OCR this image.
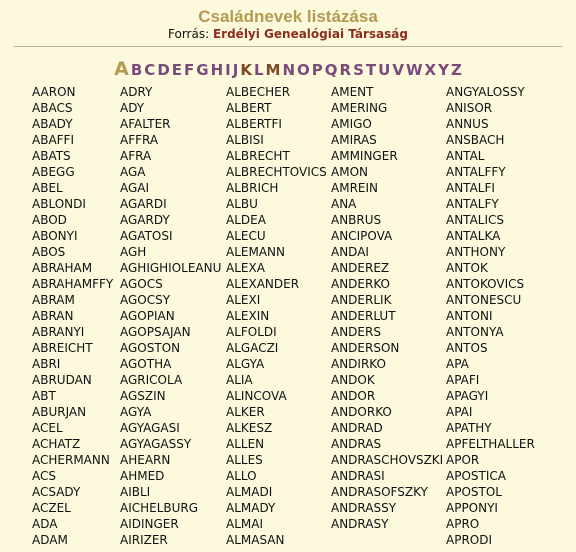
Családnevek listázása
Forrás: Erdélyi Genealógiai Társaság
A B C D E F G H I J K L M N O P Q R S T U V W X Y Z
AARON
ABACS
ABADY
ABAFFI
ABATS
ABEGG
ABEL
ABLONDI
ABOD
ABONYI
ABOS
ABRAHAM
ABRAHAMFFY
ABRAM
ABRAN
ABRANYI
ABREICHT
ABRI
ABRUDAN
ABT
ABURJAN
ACEL
ACHATZ
ACHERMANN
ACS
ACSADY
ACZEL
ADA
ADAM
ADRY
ADY
AFALTER
AFFRA
AFRA
AGA
AGAI
AGARDI
AGARDY
AGATOSI
AGH
AGHIGHIOLEANU
AGOCS
AGOCSY
AGOPIAN
AGOPSAJAN
AGOSTON
AGOTHA
AGRICOLA
AGSZIN
AGYA
AGYAGASI
AGYAGASSY
AHEARN
AHMED
AIBLI
AICHELBURG
AIDINGER
AIRIZER
ALBECHER
ALBERT
ALBERTFI
ALBISI
ALBRECHT
ALBRECHTOVICS
ALBRICH
ALBU
ALDEA
ALECU
ALEMANN
ALEXA
ALEXANDER
ALEXI
ALEXIN
ALFOLDI
ALGACZI
ALGYA
ALIA
ALINCOVA
ALKER
ALKESZ
ALLEN
ALLES
ALLO
ALMADI
ALMADY
ALMAI
ALMASAN
AMENT
AMERING
AMIGO
AMIRAS
AMMINGER
AMON
AMREIN
ANA
ANBRUS
ANCIPOVA
ANDAI
ANDEREZ
ANDERKO
ANDERLIK
ANDERLUT
ANDERS
ANDERSON
ANDIRKO
ANDOK
ANDOR
ANDORKO
ANDRAD
ANDRAS
ANDRASCHOVSZKI
ANDRASI
ANDRASOFSZKY
ANDRASSY
ANDRASY
ANGYALOSSY
ANISOR
ANNUS
ANSBACH
ANTAL
ANTALFFY
ANTALFI
ANTALFY
ANTALICS
ANTALKA
ANTHONY
ANTOK
ANTOKOVICS
ANTONESCU
ANTONI
ANTONYA
ANTOS
APA
APAFI
APAGYI
APAI
APATHY
APFELTHALLER
APOR
APOSTICA
APOSTOL
APPONYI
APRO
APRODI
